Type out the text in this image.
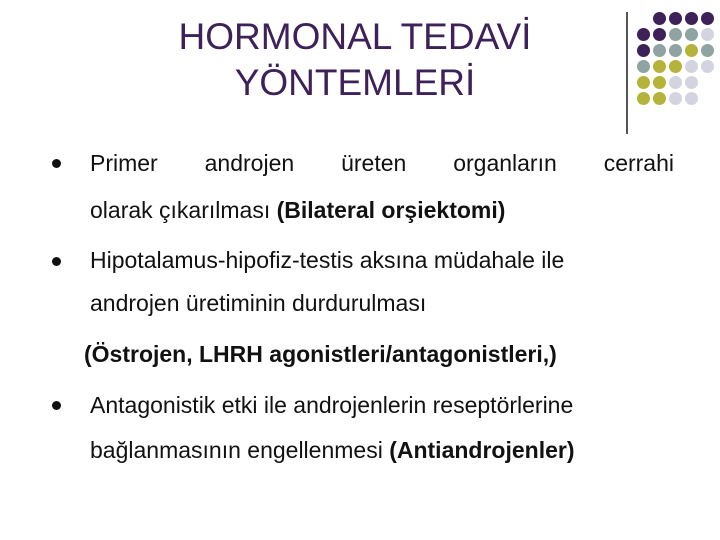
HORMONAL TEDAVİ
YÖNTEMLERİ

Primer androjen üreten organların cerrahi

olarak çıkarılması (Bilateral orşiektomi)

Hipotalamus-hipofiz-testis aksına müdahale ile

androjen üretiminin durdurulması

(Östrojen, LHRH agonistleri/antagonistleri,)

Antagonistik etki ile androjenlerin reseptörlerine

bağlanmasının engellenmesi (Antiandrojenler)
